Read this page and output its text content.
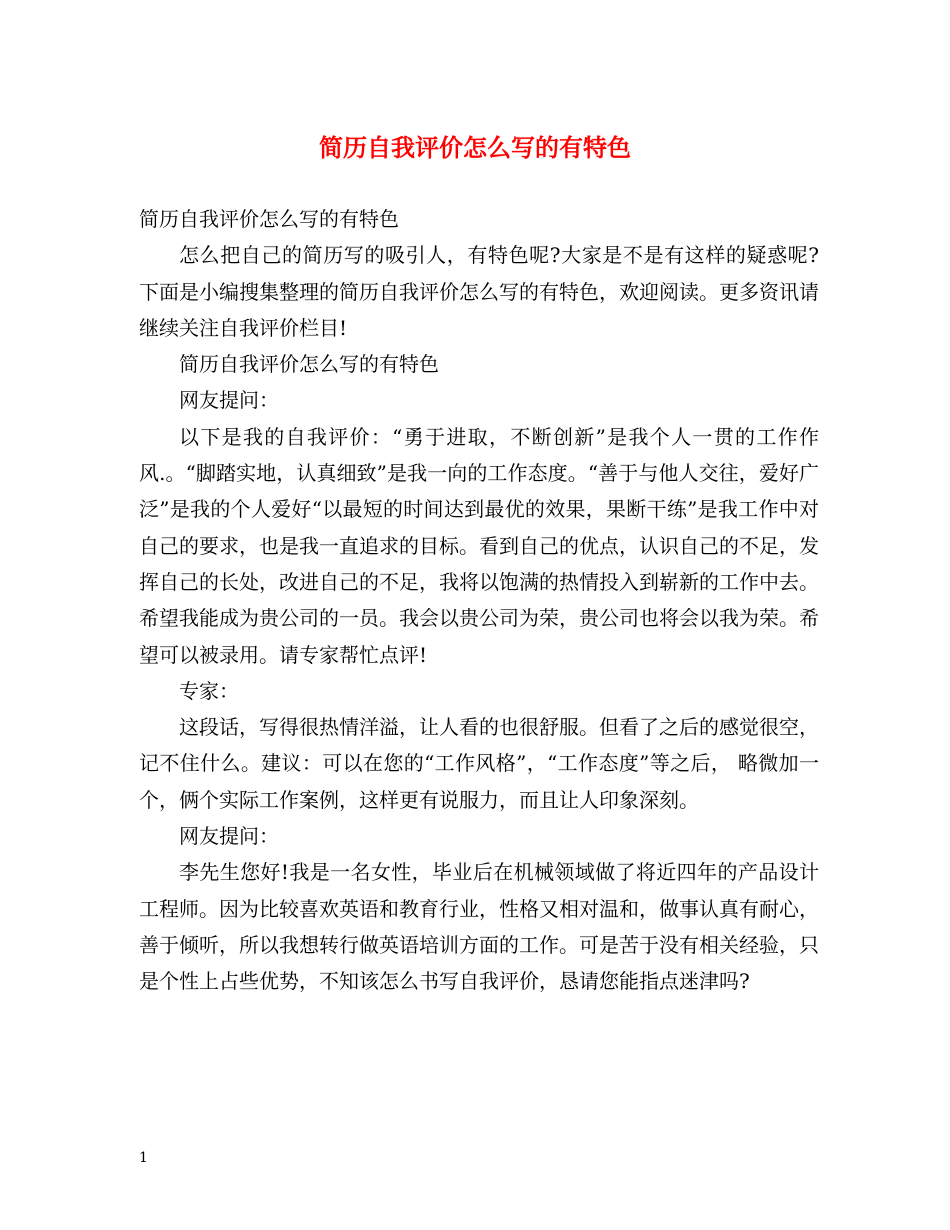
简历自我评价怎么写的有特色

简历自我评价怎么写的有特色

怎么把自己的简历写的吸引人，有特色呢?大家是不是有这样的疑惑呢?下面是小编搜集整理的简历自我评价怎么写的有特色，欢迎阅读。更多资讯请继续关注自我评价栏目!

简历自我评价怎么写的有特色

网友提问：

以下是我的自我评价：“勇于进取，不断创新”是我个人一贯的工作作风.。“脚踏实地，认真细致”是我一向的工作态度。“善于与他人交往，爱好广泛”是我的个人爱好“以最短的时间达到最优的效果，果断干练”是我工作中对自己的要求，也是我一直追求的目标。看到自己的优点，认识自己的不足，发挥自己的长处，改进自己的不足，我将以饱满的热情投入到崭新的工作中去。希望我能成为贵公司的一员。我会以贵公司为荣，贵公司也将会以我为荣。希望可以被录用。请专家帮忙点评!

专家：

这段话，写得很热情洋溢，让人看的也很舒服。但看了之后的感觉很空，记不住什么。建议：可以在您的“工作风格”，“工作态度”等之后， 略微加一个，俩个实际工作案例，这样更有说服力，而且让人印象深刻。

网友提问：

李先生您好!我是一名女性，毕业后在机械领域做了将近四年的产品设计工程师。因为比较喜欢英语和教育行业，性格又相对温和，做事认真有耐心，善于倾听，所以我想转行做英语培训方面的工作。可是苦于没有相关经验，只是个性上占些优势，不知该怎么书写自我评价，恳请您能指点迷津吗?

1
